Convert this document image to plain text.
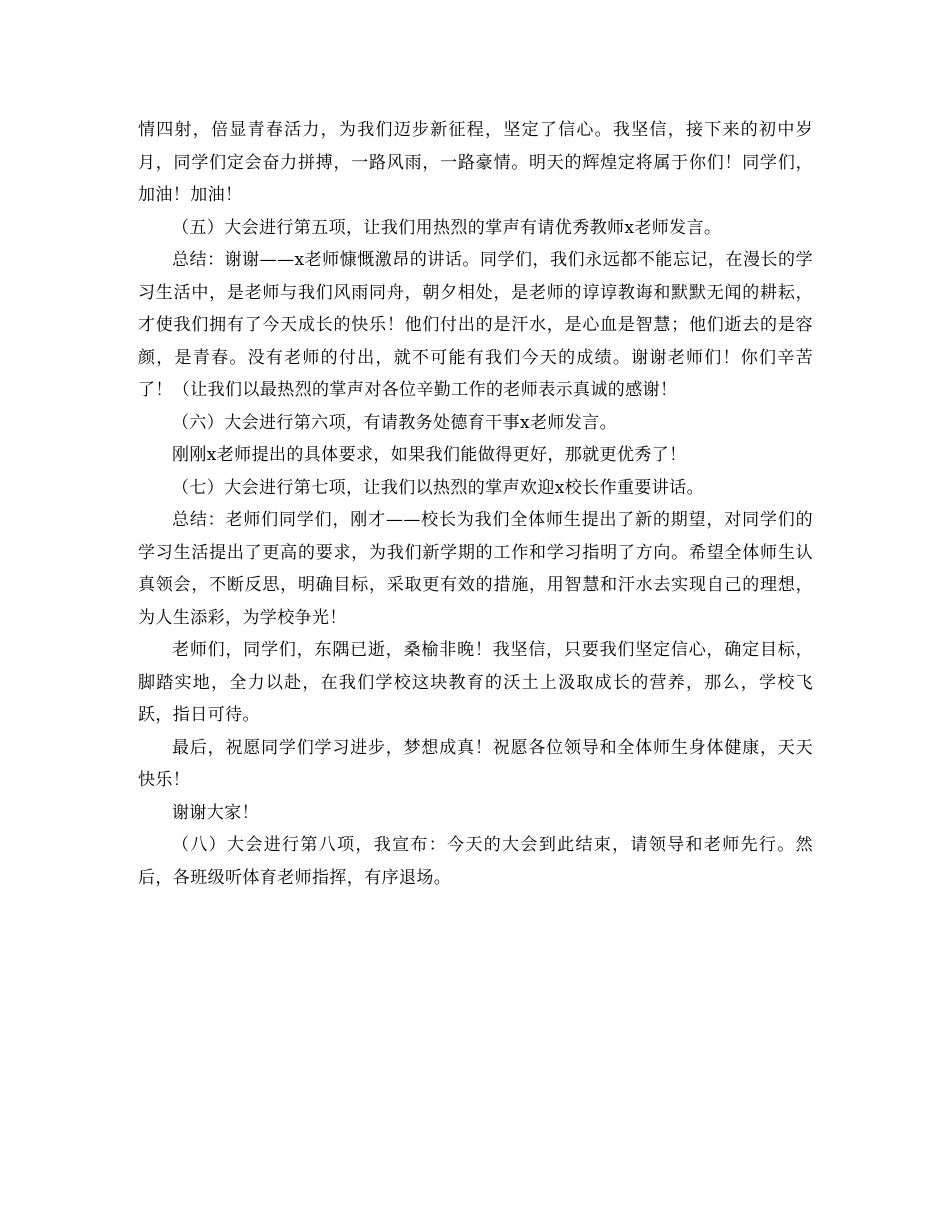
情四射，倍显青春活力，为我们迈步新征程，坚定了信心。我坚信，接下来的初中岁月，同学们定会奋力拼搏，一路风雨，一路豪情。明天的辉煌定将属于你们！同学们，加油！加油！

（五）大会进行第五项，让我们用热烈的掌声有请优秀教师x老师发言。

总结：谢谢——x老师慷慨激昂的讲话。同学们，我们永远都不能忘记，在漫长的学习生活中，是老师与我们风雨同舟，朝夕相处，是老师的谆谆教诲和默默无闻的耕耘，才使我们拥有了今天成长的快乐！他们付出的是汗水，是心血是智慧；他们逝去的是容颜，是青春。没有老师的付出，就不可能有我们今天的成绩。谢谢老师们！你们辛苦了！（让我们以最热烈的掌声对各位辛勤工作的老师表示真诚的感谢！

（六）大会进行第六项，有请教务处德育干事x老师发言。

刚刚x老师提出的具体要求，如果我们能做得更好，那就更优秀了！

（七）大会进行第七项，让我们以热烈的掌声欢迎x校长作重要讲话。

总结：老师们同学们，刚才——校长为我们全体师生提出了新的期望，对同学们的学习生活提出了更高的要求，为我们新学期的工作和学习指明了方向。希望全体师生认真领会，不断反思，明确目标，采取更有效的措施，用智慧和汗水去实现自己的理想，为人生添彩，为学校争光！

老师们，同学们，东隅已逝，桑榆非晚！我坚信，只要我们坚定信心，确定目标，脚踏实地，全力以赴，在我们学校这块教育的沃土上汲取成长的营养，那么，学校飞跃，指日可待。

最后，祝愿同学们学习进步，梦想成真！祝愿各位领导和全体师生身体健康，天天快乐！

谢谢大家！

（八）大会进行第八项，我宣布：今天的大会到此结束，请领导和老师先行。然后，各班级听体育老师指挥，有序退场。
